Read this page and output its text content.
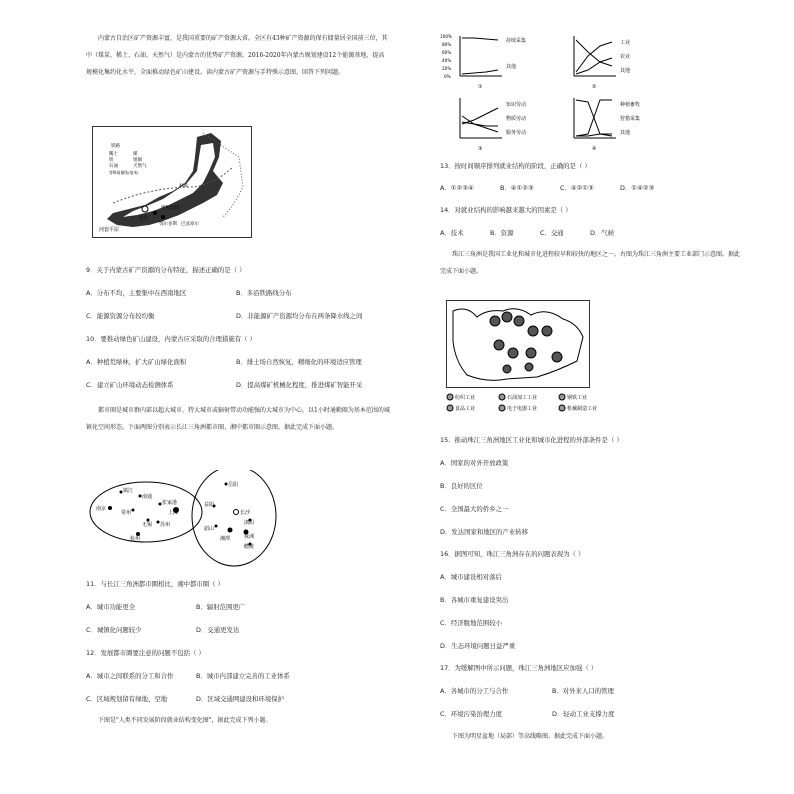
内蒙古自治区矿产资源丰富，是我国重要的矿产资源大省。全区有43种矿产资源的保有储量居全国前三位，其中（煤炭、稀土、石油、天然气）是内蒙古的优势矿产资源。2016-2020年内蒙古规划建设12个能源基地，提高规模化集约化水平，全面推动绿色矿山建设。读内蒙古矿产资源与手特殊示意图，回答下列问题。
河套平原
呼和浩特
包头
鄂尔多斯 巴彦淖尔
400
铁路
稀土	煤
铁	钼铜
石油	天然气
等降雨量线(毫米)
9．关于内蒙古矿产资源的分布特征，描述正确的是（ ）
A．分布不均，主要集中在西南地区	B．多沿铁路线分布
C．能源资源分布较均衡	D．非能源矿产资源均分布在两条降水线之间
10．要推动绿色矿山建设，内蒙古应采取的合理措施有（ ）
A．种植荒绿林，扩大矿山绿化面积	B．排土场自然恢复，精细化的环境适应管理
C．建立矿山环境动态检测体系	D．提高煤矿机械化程度，推进煤矿智能开采
都市圈是城市群内部以超大城市、特大城市或辐射带动功能强的大城市为中心，以1小时通勤圈为基本范围的城镇化空间形态。下面两图分别表示长江三角洲都市圈、湘中都市圈示意图。据此完成下面小题。
镇江
南通
南京
张家港
常州	上海
无锡 苏州
杭州
岳阳
益阳
长沙
浏阳
韶山
湘潭	株洲
醴陵
11．与长江三角洲都市圈相比，湘中都市圈（ ）
A．城市功能更全	B．辐射范围更广
C．城镇化问题较少	D．交通更发达
12．发展都市圈要注意的问题不包括（ ）
A．城市之间联系的分工和合作	B．城市内部建立完善的工业体系
C．区域规划留有绿地、空地	D．区域交通网建设和环境保护
下图是"人类不同发展阶段就业结构变化图"，据此完成下列小题。
100%
80%
60%
40%
20%
0%
持续采集
其他
①
工业
农业
其他
②
知识劳动
物质劳动
服务劳动
③
种植畜牧
狩猎采集
其他
④
13．按时间顺序排列就业结构的阶段，正确的是（ ）
A．①②③④	B．④①②③	C．④②①③	D．①④②③
14．对就业结构的影响越来越大的因素是（ ）
A．技术	B．资源	C．交通	D．气候
珠江三角洲是我国工业化和城市化进程较早和较快的地区之一。右图为珠江三角洲主要工业部门示意图。据此完成下面小题。
纺织工业	石油加工工业	钢铁工业
食品工业	电子电器工业	机械制造工业
15．推动珠江三角洲地区工业化和城市化进程的外部条件是（ ）
A．国家的对外开放政策
B．良好的区位
C．全国最大的侨乡之一
D．发达国家和地区的产业转移
16．据图可知，珠江三角洲存在的问题表现为（ ）
A．城市建设相对落后
B．各城市重复建设突出
C．经济腹地范围较小
D．生态环境问题日益严重
17．为缓解图中所示问题，珠江三角洲地区应加强（ ）
A．各城市的分工与合作	B．对外来人口的管理
C．环境污染治理力度	D．轻动工业支撑力度
下图为明星盆地（局部）等高线略图。据此完成下面小题。
